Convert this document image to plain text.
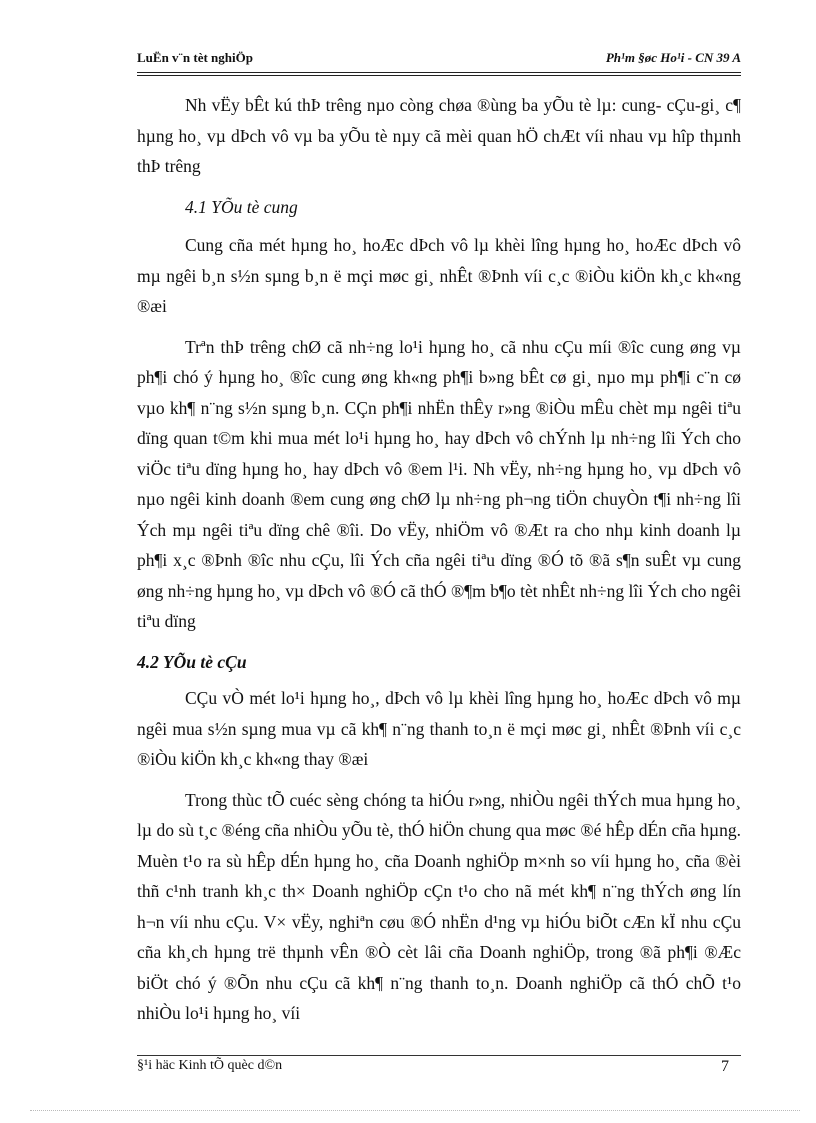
LuËn v¨n tèt nghiÖp	Ph¹m §øc Ho¹i - CN 39 A

Nh vËy bÊt kú thÞ trêng nµo còng chøa ®ùng ba yÕu tè lµ: cung- cÇu-gi¸ c¶ hµng ho¸ vµ dÞch vô vµ ba yÕu tè nµy cã mèi quan hÖ chÆt víi nhau vµ hîp thµnh thÞ trêng

4.1 YÕu tè cung

Cung cña mét hµng ho¸ hoÆc dÞch vô lµ khèi lîng hµng ho¸ hoÆc dÞch vô mµ ngêi b¸n s½n sµng b¸n ë mçi møc gi¸ nhÊt ®Þnh víi c¸c ®iÒu kiÖn kh¸c kh«ng ®æi

Trªn thÞ trêng chØ cã nh÷ng lo¹i hµng ho¸ cã nhu cÇu míi ®îc cung øng vµ ph¶i chó ý hµng ho¸ ®îc cung øng kh«ng ph¶i b»ng bÊt cø gi¸ nµo mµ ph¶i c¨n cø vµo kh¶ n¨ng s½n sµng b¸n. CÇn ph¶i nhËn thÊy r»ng ®iÒu mÊu chèt mµ ngêi tiªu dïng quan t©m khi mua mét lo¹i hµng ho¸ hay dÞch vô chÝnh lµ nh÷ng lîi Ých cho viÖc tiªu dïng hµng ho¸ hay dÞch vô ®em l¹i. Nh vËy, nh÷ng hµng ho¸ vµ dÞch vô nµo ngêi kinh doanh ®em cung øng chØ lµ nh÷ng ph¬ng tiÖn chuyÒn t¶i nh÷ng lîi Ých mµ ngêi tiªu dïng chê ®îi. Do vËy, nhiÖm vô ®Æt ra cho nhµ kinh doanh lµ ph¶i x¸c ®Þnh ®îc nhu cÇu, lîi Ých cña ngêi tiªu dïng ®Ó tõ ®ã s¶n suÊt vµ cung øng nh÷ng hµng ho¸ vµ dÞch vô ®Ó cã thÓ ®¶m b¶o tèt nhÊt nh÷ng lîi Ých cho ngêi tiªu dïng

4.2 YÕu tè cÇu

CÇu vÒ mét lo¹i hµng ho¸, dÞch vô lµ khèi lîng hµng ho¸ hoÆc dÞch vô mµ ngêi mua s½n sµng mua vµ cã kh¶ n¨ng thanh to¸n ë mçi møc gi¸ nhÊt ®Þnh víi c¸c ®iÒu kiÖn kh¸c kh«ng thay ®æi

Trong thùc tÕ cuéc sèng chóng ta hiÓu r»ng, nhiÒu ngêi thÝch mua hµng ho¸ lµ do sù t¸c ®éng cña nhiÒu yÕu tè, thÓ hiÖn chung qua møc ®é hÊp dÉn cña hµng. Muèn t¹o ra sù hÊp dÉn hµng ho¸ cña Doanh nghiÖp m×nh so víi hµng ho¸ cña ®èi thñ c¹nh tranh kh¸c th× Doanh nghiÖp cÇn t¹o cho nã mét kh¶ n¨ng thÝch øng lín h¬n víi nhu cÇu. V× vËy, nghiªn cøu ®Ó nhËn d¹ng vµ hiÓu biÕt cÆn kÏ nhu cÇu cña kh¸ch hµng trë thµnh vÊn ®Ò cèt lâi cña Doanh nghiÖp, trong ®ã ph¶i ®Æc biÖt chó ý ®Õn nhu cÇu cã kh¶ n¨ng thanh to¸n. Doanh nghiÖp cã thÓ chÕ t¹o nhiÒu lo¹i hµng ho¸ víi

§¹i häc Kinh tÕ quèc d©n	7
